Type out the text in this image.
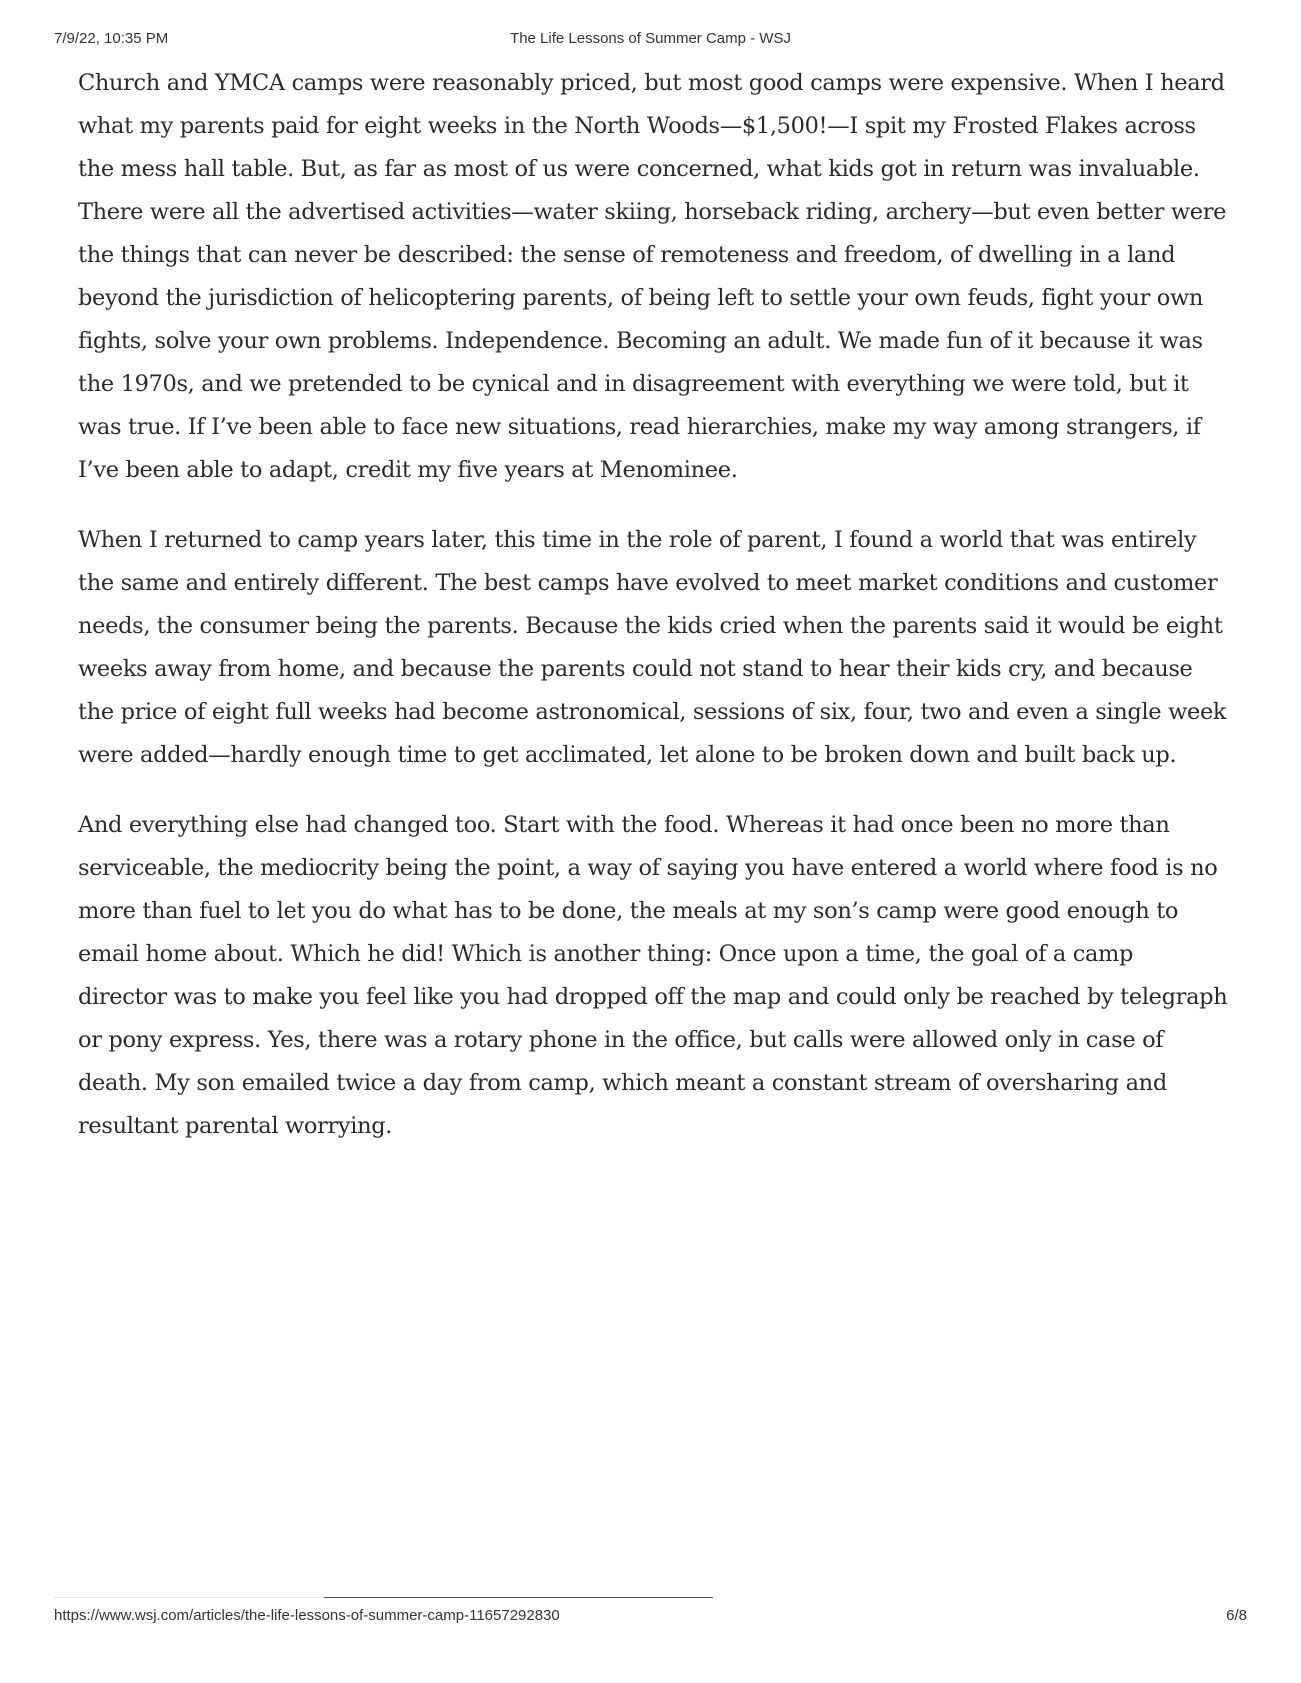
7/9/22, 10:35 PM	The Life Lessons of Summer Camp - WSJ

Church and YMCA camps were reasonably priced, but most good camps were expensive. When I heard what my parents paid for eight weeks in the North Woods—$1,500!—I spit my Frosted Flakes across the mess hall table. But, as far as most of us were concerned, what kids got in return was invaluable. There were all the advertised activities—water skiing, horseback riding, archery—but even better were the things that can never be described: the sense of remoteness and freedom, of dwelling in a land beyond the jurisdiction of helicoptering parents, of being left to settle your own feuds, fight your own fights, solve your own problems. Independence. Becoming an adult. We made fun of it because it was the 1970s, and we pretended to be cynical and in disagreement with everything we were told, but it was true. If I’ve been able to face new situations, read hierarchies, make my way among strangers, if I’ve been able to adapt, credit my five years at Menominee.

When I returned to camp years later, this time in the role of parent, I found a world that was entirely the same and entirely different. The best camps have evolved to meet market conditions and customer needs, the consumer being the parents. Because the kids cried when the parents said it would be eight weeks away from home, and because the parents could not stand to hear their kids cry, and because the price of eight full weeks had become astronomical, sessions of six, four, two and even a single week were added—hardly enough time to get acclimated, let alone to be broken down and built back up.

And everything else had changed too. Start with the food. Whereas it had once been no more than serviceable, the mediocrity being the point, a way of saying you have entered a world where food is no more than fuel to let you do what has to be done, the meals at my son’s camp were good enough to email home about. Which he did! Which is another thing: Once upon a time, the goal of a camp director was to make you feel like you had dropped off the map and could only be reached by telegraph or pony express. Yes, there was a rotary phone in the office, but calls were allowed only in case of death. My son emailed twice a day from camp, which meant a constant stream of oversharing and resultant parental worrying.

https://www.wsj.com/articles/the-life-lessons-of-summer-camp-11657292830	6/8
